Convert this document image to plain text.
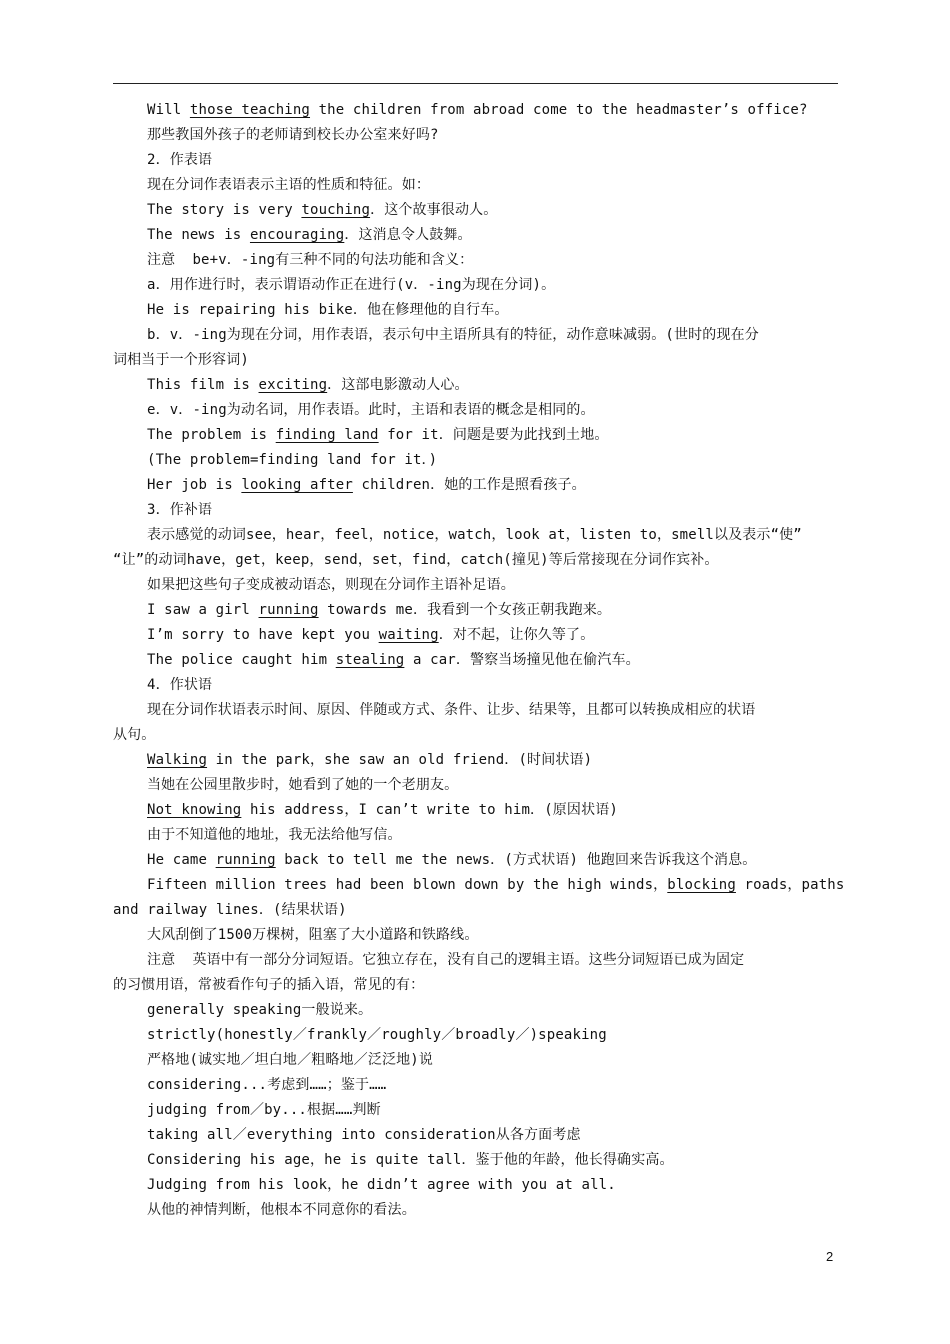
Will those teaching the children from abroad come to the headmaster’s office?
那些教国外孩子的老师请到校长办公室来好吗?
2．作表语
现在分词作表语表示主语的性质和特征。如：
The story is very touching．这个故事很动人。
The news is encouraging．这消息令人鼓舞。
注意  be+v．-ing有三种不同的句法功能和含义：
a．用作进行时，表示谓语动作正在进行(v．-ing为现在分词)。
He is repairing his bike．他在修理他的自行车。
b．v．-ing为现在分词，用作表语，表示句中主语所具有的特征，动作意味减弱。(世时的现在分
词相当于一个形容词)
This film is exciting．这部电影激动人心。
e．v．-ing为动名词，用作表语。此时，主语和表语的概念是相同的。
The problem is finding land for it．问题是要为此找到土地。
(The problem=finding land for it．)
Her job is looking after children．她的工作是照看孩子。
3．作补语
表示感觉的动词see，hear，feel，notice，watch，look at，listen to，smell以及表示“使”
“让”的动词have，get，keep，send，set，find，catch(撞见)等后常接现在分词作宾补。
如果把这些句子变成被动语态，则现在分词作主语补足语。
I saw a girl running towards me．我看到一个女孩正朝我跑来。
I’m sorry to have kept you waiting．对不起，让你久等了。
The police caught him stealing a car．警察当场撞见他在偷汽车。
4．作状语
现在分词作状语表示时间、原因、伴随或方式、条件、让步、结果等，且都可以转换成相应的状语
从句。
Walking in the park，she saw an old friend．(时间状语)
当她在公园里散步时，她看到了她的一个老朋友。
Not knowing his address，I can’t write to him．(原因状语)
由于不知道他的地址，我无法给他写信。
He came running back to tell me the news．(方式状语) 他跑回来告诉我这个消息。
Fifteen million trees had been blown down by the high winds，blocking roads，paths
and railway lines．(结果状语)
大风刮倒了1500万棵树，阻塞了大小道路和铁路线。
注意  英语中有一部分分词短语。它独立存在，没有自己的逻辑主语。这些分词短语已成为固定
的习惯用语，常被看作句子的插入语，常见的有：
generally speaking一般说来。
strictly(honestly／frankly／roughly／broadly／)speaking
严格地(诚实地／坦白地／粗略地／泛泛地)说
considering...考虑到……；鉴于……
judging from／by...根据……判断
taking all／everything into consideration从各方面考虑
Considering his age，he is quite tall．鉴于他的年龄，他长得确实高。
Judging from his look，he didn’t agree with you at all.
从他的神情判断，他根本不同意你的看法。
2
